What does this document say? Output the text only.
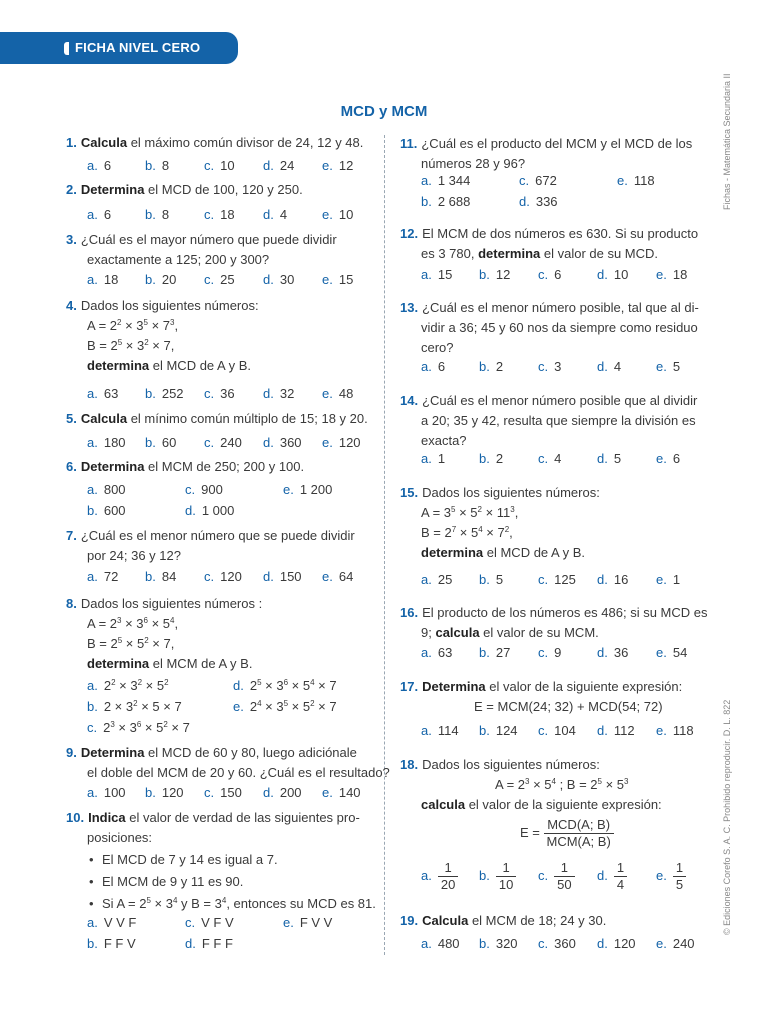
FICHA NIVEL CERO
MCD y MCM	Fichas - Matemática Secundaria II
© Ediciones Corefo S. A. C. Prohibido reproducir. D. L. 822
1. Calcula el máximo común divisor de 24, 12 y 48.
a. 6	b. 8	c. 10 d. 24 e. 12
2. Determina el MCD de 100, 120 y 250.
a. 6	b. 8	c. 18 d. 4	e. 10
3. ¿Cuál es el mayor número que puede dividir
exactamente a 125; 200 y 300?
a. 18 b. 20 c. 25 d. 30 e. 15
4. Dados los siguientes números:
$A = 2^2 \times 3^5 \times 7^3$,
$B = 2^5 \times 3^2 \times 7$,
determina el MCD de A y B.
a. 63 b. 252 c. 36 d. 32 e. 48
5. Calcula el mínimo común múltiplo de 15; 18 y 20.
a. 180 b. 60 c. 240 d. 360 e. 120
6. Determina el MCM de 250; 200 y 100.
a. 800	c. 900	e. 1 200
b. 600	d. 1 000
7. ¿Cuál es el menor número que se puede dividir
por 24; 36 y 12?
a. 72 b. 84 c. 120 d. 150 e. 64
8. Dados los siguientes números :
$A = 2^3 \times 3^6 \times 5^4$,
$B = 2^5 \times 5^2 \times 7$,
determina el MCM de A y B.
a. $2^2 \times 3^2 \times 5^2$	d. $2^5 \times 3^6 \times 5^4 \times 7$
b. $2 \times 3^2 \times 5 \times 7$	e. $2^4 \times 3^5 \times 5^2 \times 7$
c. $2^3 \times 3^6 \times 5^2 \times 7$
9. Determina el MCD de 60 y 80, luego adiciónale
el doble del MCM de 20 y 60. ¿Cuál es el resultado?
a. 100 b. 120 c. 150 d. 200 e. 140
10. Indica el valor de verdad de las siguientes pro-
posiciones:
• El MCD de 7 y 14 es igual a 7.
• El MCM de 9 y 11 es 90.
• Si $A = 2^5 \times 3^4$ y $B = 3^4$, entonces su MCD es 81.
a. V V F	c. V F V	e. F V V
b. F F V	d. F F F
11. ¿Cuál es el producto del MCM y el MCD de los
números 28 y 96?
a. 1 344	c. 672	e. 118
b. 2 688	d. 336
12. El MCM de dos números es 630. Si su producto
es 3 780, determina el valor de su MCD.
a. 15 b. 12 c. 6	d. 10 e. 18
13. ¿Cuál es el menor número posible, tal que al di-
vidir a 36; 45 y 60 nos da siempre como residuo
cero?
a. 6	b. 2	c. 3	d. 4	e. 5
14. ¿Cuál es el menor número posible que al dividir
a 20; 35 y 42, resulta que siempre la división es
exacta?
a. 1	b. 2	c. 4	d. 5	e. 6
15. Dados los siguientes números:
$A = 3^5 \times 5^2 \times 11^3$,
$B = 2^7 \times 5^4 \times 7^2$,
determina el MCD de A y B.
a. 25 b. 5	c. 125 d. 16 e. 1
16. El producto de los números es 486; si su MCD es
9; calcula el valor de su MCM.
a. 63 b. 27 c. 9	d. 36 e. 54
17. Determina el valor de la siguiente expresión:
E = MCM(24; 32) + MCD(54; 72)
a. 114 b. 124 c. 104 d. 112 e. 118
18. Dados los siguientes números:
$A = 2^3 \times 5^4$ ; $B = 2^5 \times 5^3$
calcula el valor de la siguiente expresión:
$E = \frac{\text{MCD(A; B)}}{\text{MCM(A; B)}}$
a. $\frac{1}{20} b$. $\frac{1}{10} c$. $\frac{1}{50} d$. $\frac{1}{4} e$. $\frac{1}{5}$
19. Calcula el MCM de 18; 24 y 30.
a. 480 b. 320 c. 360 d. 120 e. 240
